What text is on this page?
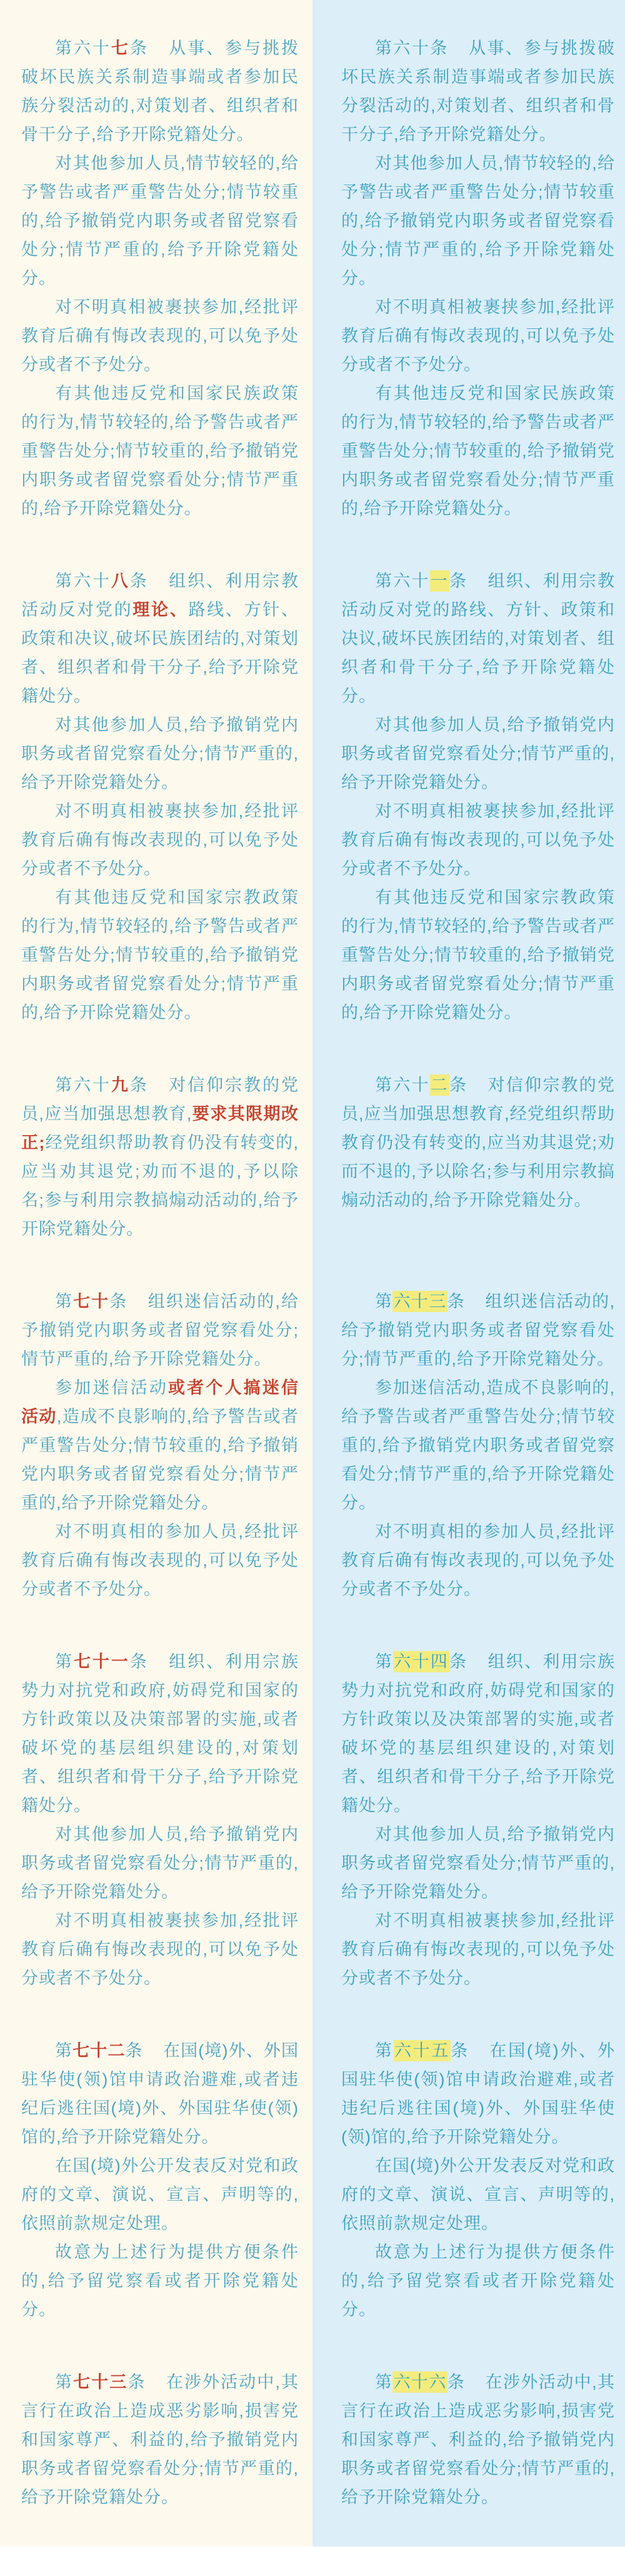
第六十七条 从事、参与挑拨破坏民族关系制造事端或者参加民族分裂活动的,对策划者、组织者和骨干分子,给予开除党籍处分。

对其他参加人员,情节较轻的,给予警告或者严重警告处分;情节较重的,给予撤销党内职务或者留党察看处分;情节严重的,给予开除党籍处分。

对不明真相被裹挟参加,经批评教育后确有悔改表现的,可以免予处分或者不予处分。

有其他违反党和国家民族政策的行为,情节较轻的,给予警告或者严重警告处分;情节较重的,给予撤销党内职务或者留党察看处分;情节严重的,给予开除党籍处分。

第六十条 从事、参与挑拨破坏民族关系制造事端或者参加民族分裂活动的,对策划者、组织者和骨干分子,给予开除党籍处分。

对其他参加人员,情节较轻的,给予警告或者严重警告处分;情节较重的,给予撤销党内职务或者留党察看处分;情节严重的,给予开除党籍处分。

对不明真相被裹挟参加,经批评教育后确有悔改表现的,可以免予处分或者不予处分。

有其他违反党和国家民族政策的行为,情节较轻的,给予警告或者严重警告处分;情节较重的,给予撤销党内职务或者留党察看处分;情节严重的,给予开除党籍处分。

第六十八条 组织、利用宗教活动反对党的理论、路线、方针、政策和决议,破坏民族团结的,对策划者、组织者和骨干分子,给予开除党籍处分。

对其他参加人员,给予撤销党内职务或者留党察看处分;情节严重的,给予开除党籍处分。

对不明真相被裹挟参加,经批评教育后确有悔改表现的,可以免予处分或者不予处分。

有其他违反党和国家宗教政策的行为,情节较轻的,给予警告或者严重警告处分;情节较重的,给予撤销党内职务或者留党察看处分;情节严重的,给予开除党籍处分。

第六十一条 组织、利用宗教活动反对党的路线、方针、政策和决议,破坏民族团结的,对策划者、组织者和骨干分子,给予开除党籍处分。

对其他参加人员,给予撤销党内职务或者留党察看处分;情节严重的,给予开除党籍处分。

对不明真相被裹挟参加,经批评教育后确有悔改表现的,可以免予处分或者不予处分。

有其他违反党和国家宗教政策的行为,情节较轻的,给予警告或者严重警告处分;情节较重的,给予撤销党内职务或者留党察看处分;情节严重的,给予开除党籍处分。

第六十九条 对信仰宗教的党员,应当加强思想教育,要求其限期改正;经党组织帮助教育仍没有转变的,应当劝其退党;劝而不退的,予以除名;参与利用宗教搞煽动活动的,给予开除党籍处分。

第六十二条 对信仰宗教的党员,应当加强思想教育,经党组织帮助教育仍没有转变的,应当劝其退党;劝而不退的,予以除名;参与利用宗教搞煽动活动的,给予开除党籍处分。

第七十条 组织迷信活动的,给予撤销党内职务或者留党察看处分;情节严重的,给予开除党籍处分。

参加迷信活动或者个人搞迷信活动,造成不良影响的,给予警告或者严重警告处分;情节较重的,给予撤销党内职务或者留党察看处分;情节严重的,给予开除党籍处分。

对不明真相的参加人员,经批评教育后确有悔改表现的,可以免予处分或者不予处分。

第六十三条 组织迷信活动的,给予撤销党内职务或者留党察看处分;情节严重的,给予开除党籍处分。

参加迷信活动,造成不良影响的,给予警告或者严重警告处分;情节较重的,给予撤销党内职务或者留党察看处分;情节严重的,给予开除党籍处分。

对不明真相的参加人员,经批评教育后确有悔改表现的,可以免予处分或者不予处分。

第七十一条 组织、利用宗族势力对抗党和政府,妨碍党和国家的方针政策以及决策部署的实施,或者破坏党的基层组织建设的,对策划者、组织者和骨干分子,给予开除党籍处分。

对其他参加人员,给予撤销党内职务或者留党察看处分;情节严重的,给予开除党籍处分。

对不明真相被裹挟参加,经批评教育后确有悔改表现的,可以免予处分或者不予处分。

第六十四条 组织、利用宗族势力对抗党和政府,妨碍党和国家的方针政策以及决策部署的实施,或者破坏党的基层组织建设的,对策划者、组织者和骨干分子,给予开除党籍处分。

对其他参加人员,给予撤销党内职务或者留党察看处分;情节严重的,给予开除党籍处分。

对不明真相被裹挟参加,经批评教育后确有悔改表现的,可以免予处分或者不予处分。

第七十二条 在国(境)外、外国驻华使(领)馆申请政治避难,或者违纪后逃往国(境)外、外国驻华使(领)馆的,给予开除党籍处分。

在国(境)外公开发表反对党和政府的文章、演说、宣言、声明等的,依照前款规定处理。

故意为上述行为提供方便条件的,给予留党察看或者开除党籍处分。

第六十五条 在国(境)外、外国驻华使(领)馆申请政治避难,或者违纪后逃往国(境)外、外国驻华使(领)馆的,给予开除党籍处分。

在国(境)外公开发表反对党和政府的文章、演说、宣言、声明等的,依照前款规定处理。

故意为上述行为提供方便条件的,给予留党察看或者开除党籍处分。

第七十三条 在涉外活动中,其言行在政治上造成恶劣影响,损害党和国家尊严、利益的,给予撤销党内职务或者留党察看处分;情节严重的,给予开除党籍处分。

第六十六条 在涉外活动中,其言行在政治上造成恶劣影响,损害党和国家尊严、利益的,给予撤销党内职务或者留党察看处分;情节严重的,给予开除党籍处分。
